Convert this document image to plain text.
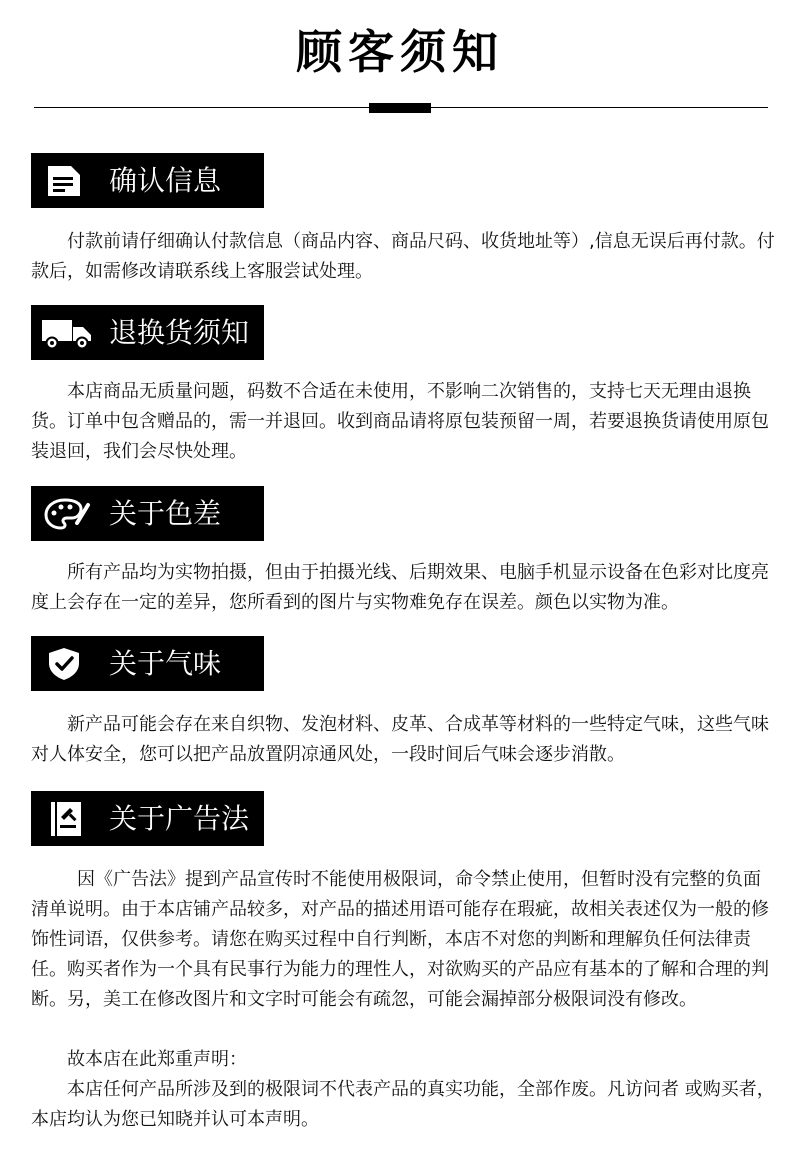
顾客须知
确认信息

付款前请仔细确认付款信息（商品内容、商品尺码、收货地址等）,信息无误后再付款。付款后，如需修改请联系线上客服尝试处理。

退换货须知

本店商品无质量问题，码数不合适在未使用，不影响二次销售的，支持七天无理由退换货。订单中包含赠品的，需一并退回。收到商品请将原包装预留一周，若要退换货请使用原包装退回，我们会尽快处理。

关于色差

所有产品均为实物拍摄，但由于拍摄光线、后期效果、电脑手机显示设备在色彩对比度亮度上会存在一定的差异，您所看到的图片与实物难免存在误差。颜色以实物为准。

关于气味

新产品可能会存在来自织物、发泡材料、皮革、合成革等材料的一些特定气味，这些气味对人体安全，您可以把产品放置阴凉通风处，一段时间后气味会逐步消散。

关于广告法

因《广告法》提到产品宣传时不能使用极限词，命令禁止使用，但暂时没有完整的负面清单说明。由于本店铺产品较多，对产品的描述用语可能存在瑕疵，故相关表述仅为一般的修饰性词语，仅供参考。请您在购买过程中自行判断，本店不对您的判断和理解负任何法律责任。购买者作为一个具有民事行为能力的理性人，对欲购买的产品应有基本的了解和合理的判断。另，美工在修改图片和文字时可能会有疏忽，可能会漏掉部分极限词没有修改。

故本店在此郑重声明：

本店任何产品所涉及到的极限词不代表产品的真实功能，全部作废。凡访问者 或购买者，本店均认为您已知晓并认可本声明。
